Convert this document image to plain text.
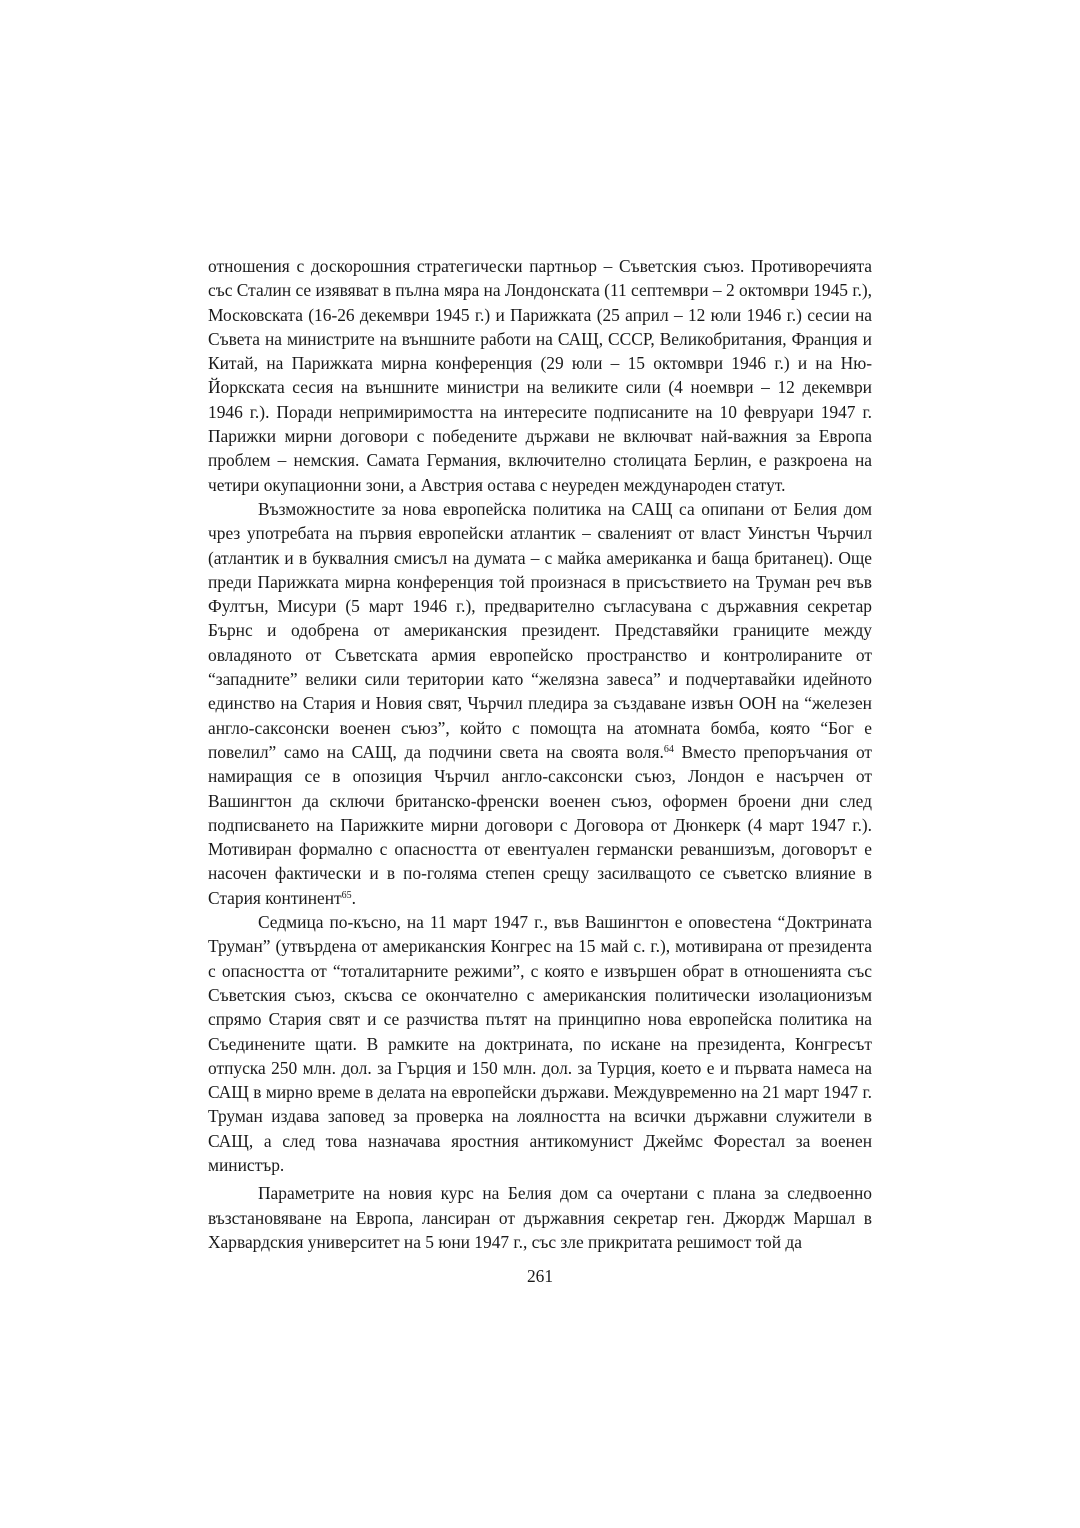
отношения с доскорошния стратегически партньор – Съветския съюз. Противоречията със Сталин се изявяват в пълна мяра на Лондонската (11 септември – 2 октомври 1945 г.), Московската (16-26 декември 1945 г.) и Парижката (25 април – 12 юли 1946 г.) сесии на Съвета на министрите на външните работи на САЩ, СССР, Великобритания, Франция и Китай, на Парижката мирна конференция (29 юли – 15 октомври 1946 г.) и на Ню-Йоркската сесия на външните министри на великите сили (4 ноември – 12 декември 1946 г.). Поради непримиримостта на интересите подписаните на 10 февруари 1947 г. Парижки мирни договори с победените държави не включват най-важния за Европа проблем – немския. Самата Германия, включително столицата Берлин, е разкроена на четири окупационни зони, а Австрия остава с неуреден международен статут.

Възможностите за нова европейска политика на САЩ са опипани от Белия дом чрез употребата на първия европейски атлантик – свалeният от власт Уинстън Чърчил (атлантик и в буквалния смисъл на думата – с майка американка и баща британец). Още преди Парижката мирна конференция той произнася в присъствието на Труман реч във Фултън, Мисури (5 март 1946 г.), предварително съгласувана с държавния секретар Бърнс и одобрена от американския президент. Представяйки границите между овладяното от Съветската армия европейско пространство и контролираните от “западните” велики сили територии като “желязна завеса” и подчертавайки идейното единство на Стария и Новия свят, Чърчил пледира за създаване извън ООН на “железен англо-саксонски военен съюз”, който с помощта на атомната бомба, която “Бог е повелил” само на САЩ, да подчини света на своята воля.$^{64}$ Вместо препоръчания от намиращия се в опозиция Чърчил англо-саксонски съюз, Лондон е насърчен от Вашингтон да сключи британско-френски военен съюз, оформен броени дни след подписването на Парижките мирни договори с Договора от Дюнкерк (4 март 1947 г.). Мотивиран формално с опасността от евентуален германски реваншизъм, договорът е насочен фактически и в по-голяма степен срещу засилващото се съветско влияние в Стария континент$^{65}$.

Седмица по-късно, на 11 март 1947 г., във Вашингтон е оповестена “Доктрината Труман” (утвърдена от американския Конгрес на 15 май с. г.), мотивирана от президента с опасността от “тоталитарните режими”, с която е извършен обрат в отношенията със Съветския съюз, скъсва се окончателно с американския политически изолационизъм спрямо Стария свят и се разчиства пътят на принципно нова европейска политика на Съединените щати. В рамките на доктрината, по искане на президента, Конгресът отпуска 250 млн. дол. за Гърция и 150 млн. дол. за Турция, което е и първата намеса на САЩ в мирно време в делата на европейски държави. Междувременно на 21 март 1947 г. Труман издава заповед за проверка на лоялността на всички държавни служители в САЩ, а след това назначава яростния антикомунист Джеймс Форестал за военен министър.

Параметрите на новия курс на Белия дом са очертани с плана за следвоенно възстановяване на Европа, лансиран от държавния секретар ген. Джордж Маршал в Харвардския университет на 5 юни 1947 г., със зле прикритата решимост той да

261
